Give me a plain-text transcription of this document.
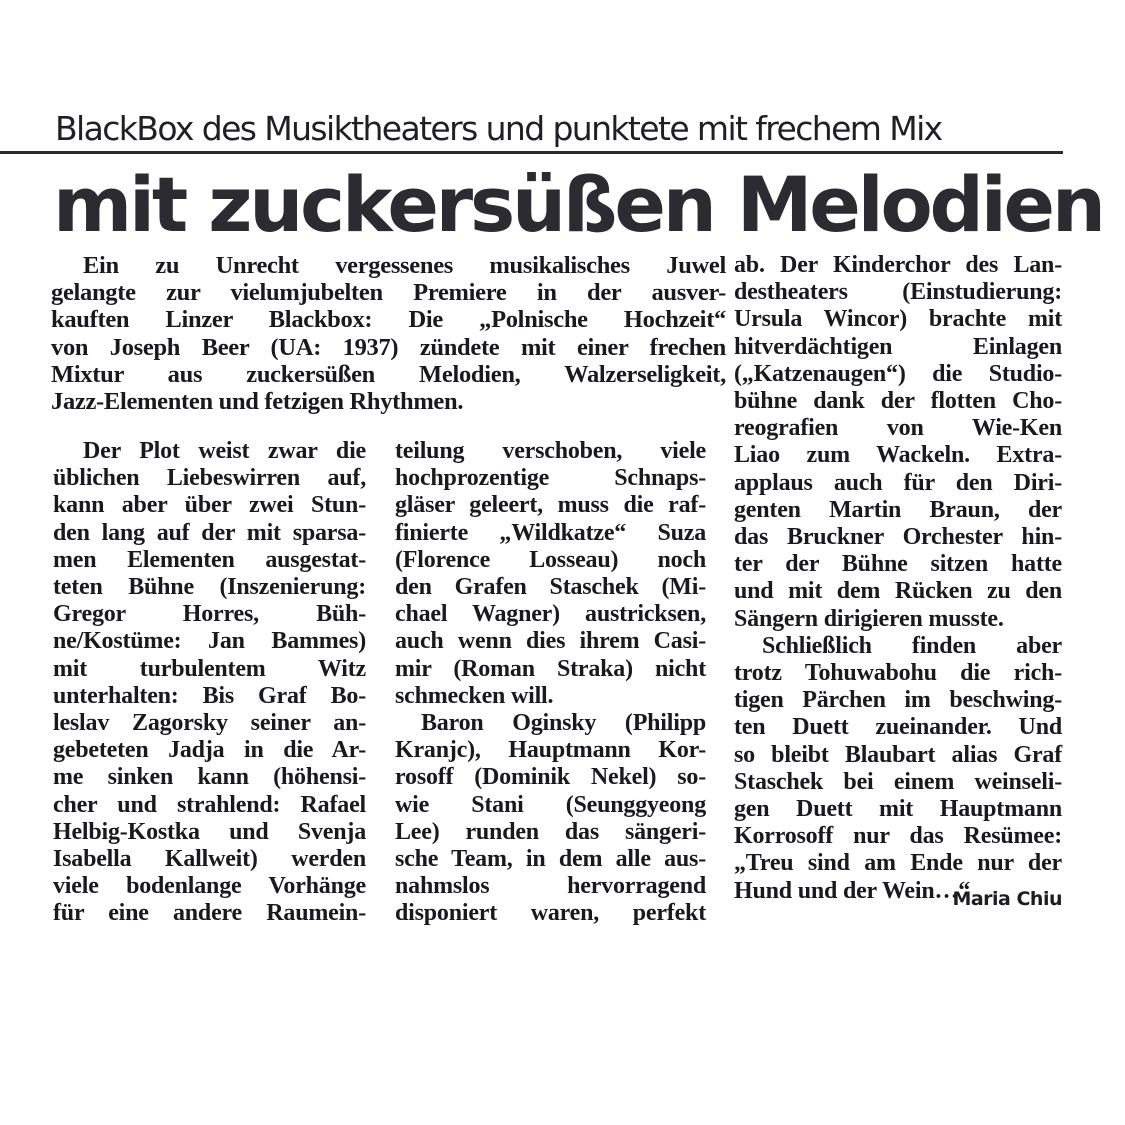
BlackBox des Musiktheaters und punktete mit frechem Mix
mit zuckersüßen Melodien
Ein zu Unrecht vergessenes musikalisches Juwel
gelangte zur vielumjubelten Premiere in der ausver-
kauften Linzer Blackbox: Die „Polnische Hochzeit“
von Joseph Beer (UA: 1937) zündete mit einer frechen
Mixtur aus zuckersüßen Melodien, Walzerseligkeit,
Jazz-Elementen und fetzigen Rhythmen.
Der Plot weist zwar die
üblichen Liebeswirren auf,
kann aber über zwei Stun-
den lang auf der mit sparsa-
men Elementen ausgestat-
teten Bühne (Inszenierung:
Gregor Horres, Büh-
ne/Kostüme: Jan Bammes)
mit turbulentem Witz
unterhalten: Bis Graf Bo-
leslav Zagorsky seiner an-
gebeteten Jadja in die Ar-
me sinken kann (höhensi-
cher und strahlend: Rafael
Helbig-Kostka und Svenja
Isabella Kallweit) werden
viele bodenlange Vorhänge
für eine andere Raumein-
teilung verschoben, viele
hochprozentige Schnaps-
gläser geleert, muss die raf-
finierte „Wildkatze“ Suza
(Florence Losseau) noch
den Grafen Staschek (Mi-
chael Wagner) austricksen,
auch wenn dies ihrem Casi-
mir (Roman Straka) nicht
schmecken will.
Baron Oginsky (Philipp
Kranjc), Hauptmann Kor-
rosoff (Dominik Nekel) so-
wie Stani (Seunggyeong
Lee) runden das sängeri-
sche Team, in dem alle aus-
nahmslos hervorragend
disponiert waren, perfekt
ab. Der Kinderchor des Lan-
destheaters (Einstudierung:
Ursula Wincor) brachte mit
hitverdächtigen Einlagen
(„Katzenaugen“) die Studio-
bühne dank der flotten Cho-
reografien von Wie-Ken
Liao zum Wackeln. Extra-
applaus auch für den Diri-
genten Martin Braun, der
das Bruckner Orchester hin-
ter der Bühne sitzen hatte
und mit dem Rücken zu den
Sängern dirigieren musste.
Schließlich finden aber
trotz Tohuwabohu die rich-
tigen Pärchen im beschwing-
ten Duett zueinander. Und
so bleibt Blaubart alias Graf
Staschek bei einem weinseli-
gen Duett mit Hauptmann
Korrosoff nur das Resümee:
„Treu sind am Ende nur der
Hund und der Wein…“
Maria Chiu
